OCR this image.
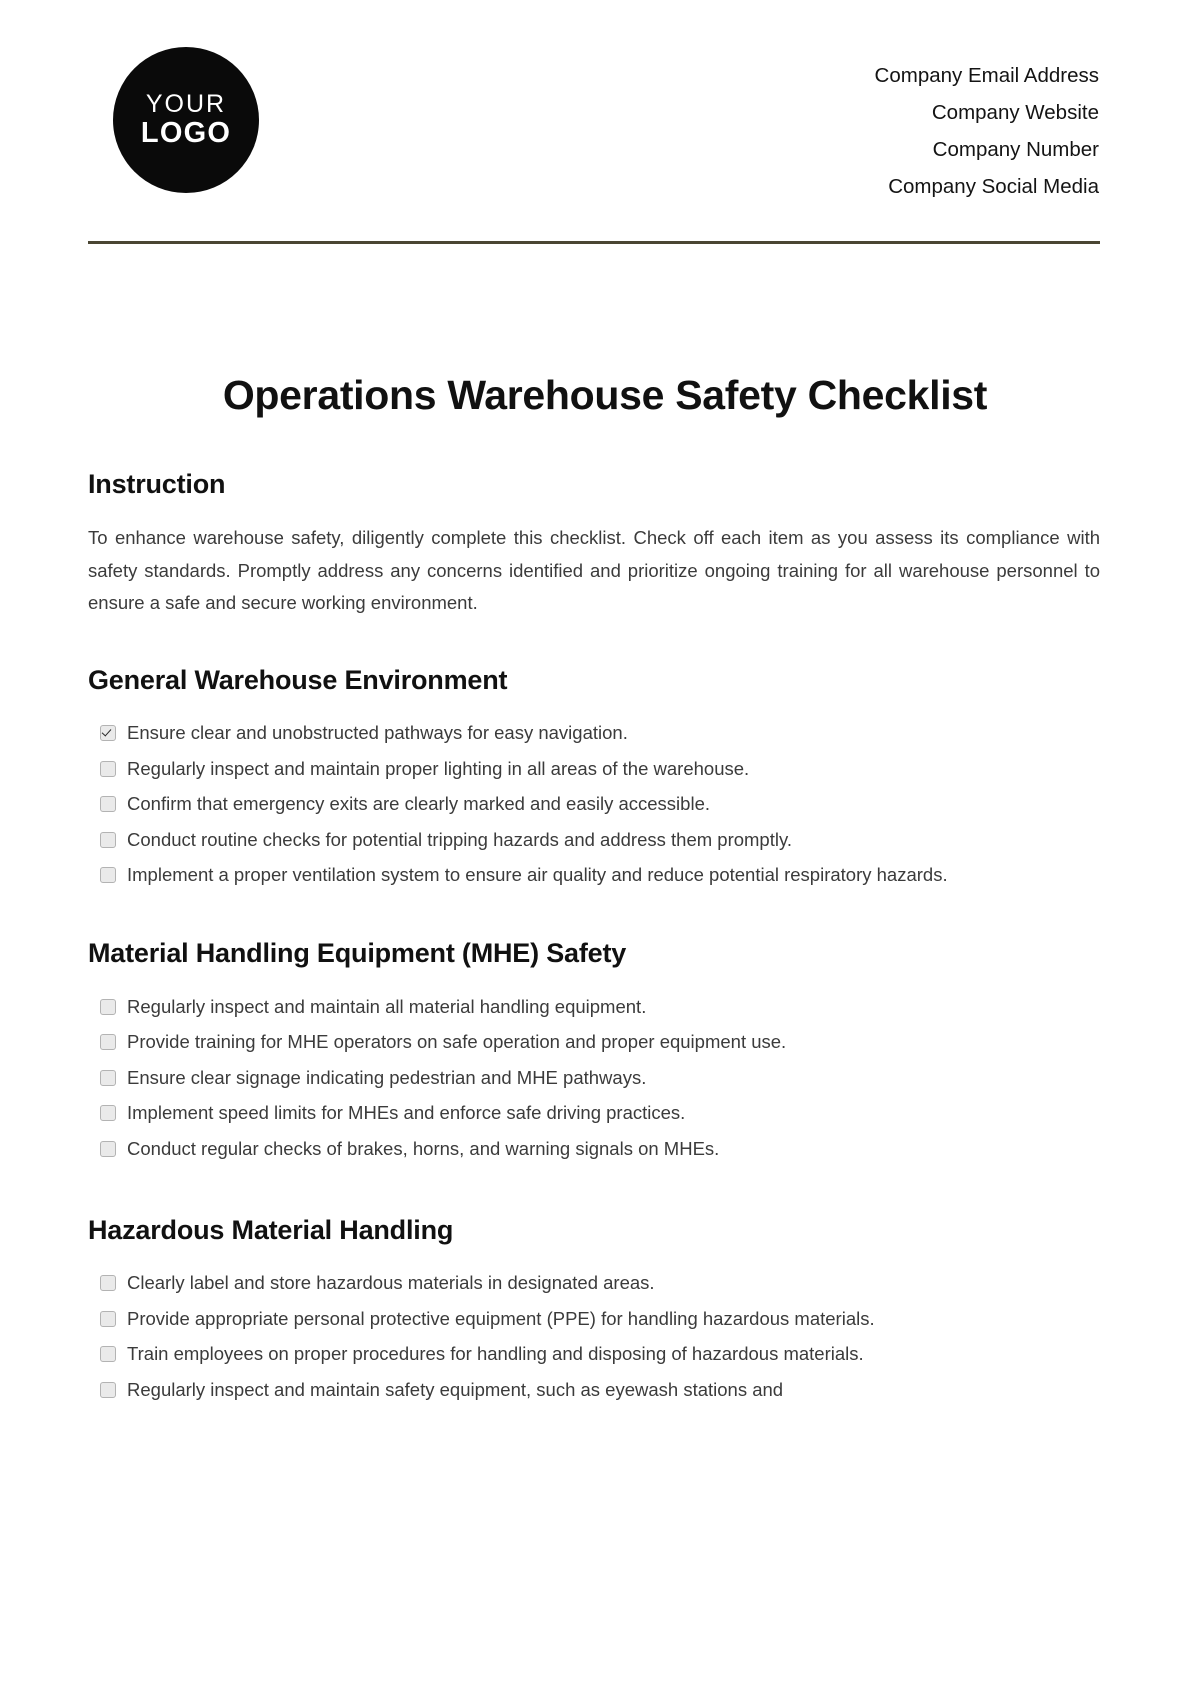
YOUR
LOGO
Company Email Address
Company Website
Company Number
Company Social Media
Operations Warehouse Safety Checklist
Instruction
To enhance warehouse safety, diligently complete this checklist. Check off each item as you assess its compliance with safety standards. Promptly address any concerns identified and prioritize ongoing training for all warehouse personnel to ensure a safe and secure working environment.
General Warehouse Environment
Ensure clear and unobstructed pathways for easy navigation.
Regularly inspect and maintain proper lighting in all areas of the warehouse.
Confirm that emergency exits are clearly marked and easily accessible.
Conduct routine checks for potential tripping hazards and address them promptly.
Implement a proper ventilation system to ensure air quality and reduce potential respiratory hazards.
Material Handling Equipment (MHE) Safety
Regularly inspect and maintain all material handling equipment.
Provide training for MHE operators on safe operation and proper equipment use.
Ensure clear signage indicating pedestrian and MHE pathways.
Implement speed limits for MHEs and enforce safe driving practices.
Conduct regular checks of brakes, horns, and warning signals on MHEs.
Hazardous Material Handling
Clearly label and store hazardous materials in designated areas.
Provide appropriate personal protective equipment (PPE) for handling hazardous materials.
Train employees on proper procedures for handling and disposing of hazardous materials.
Regularly inspect and maintain safety equipment, such as eyewash stations and
